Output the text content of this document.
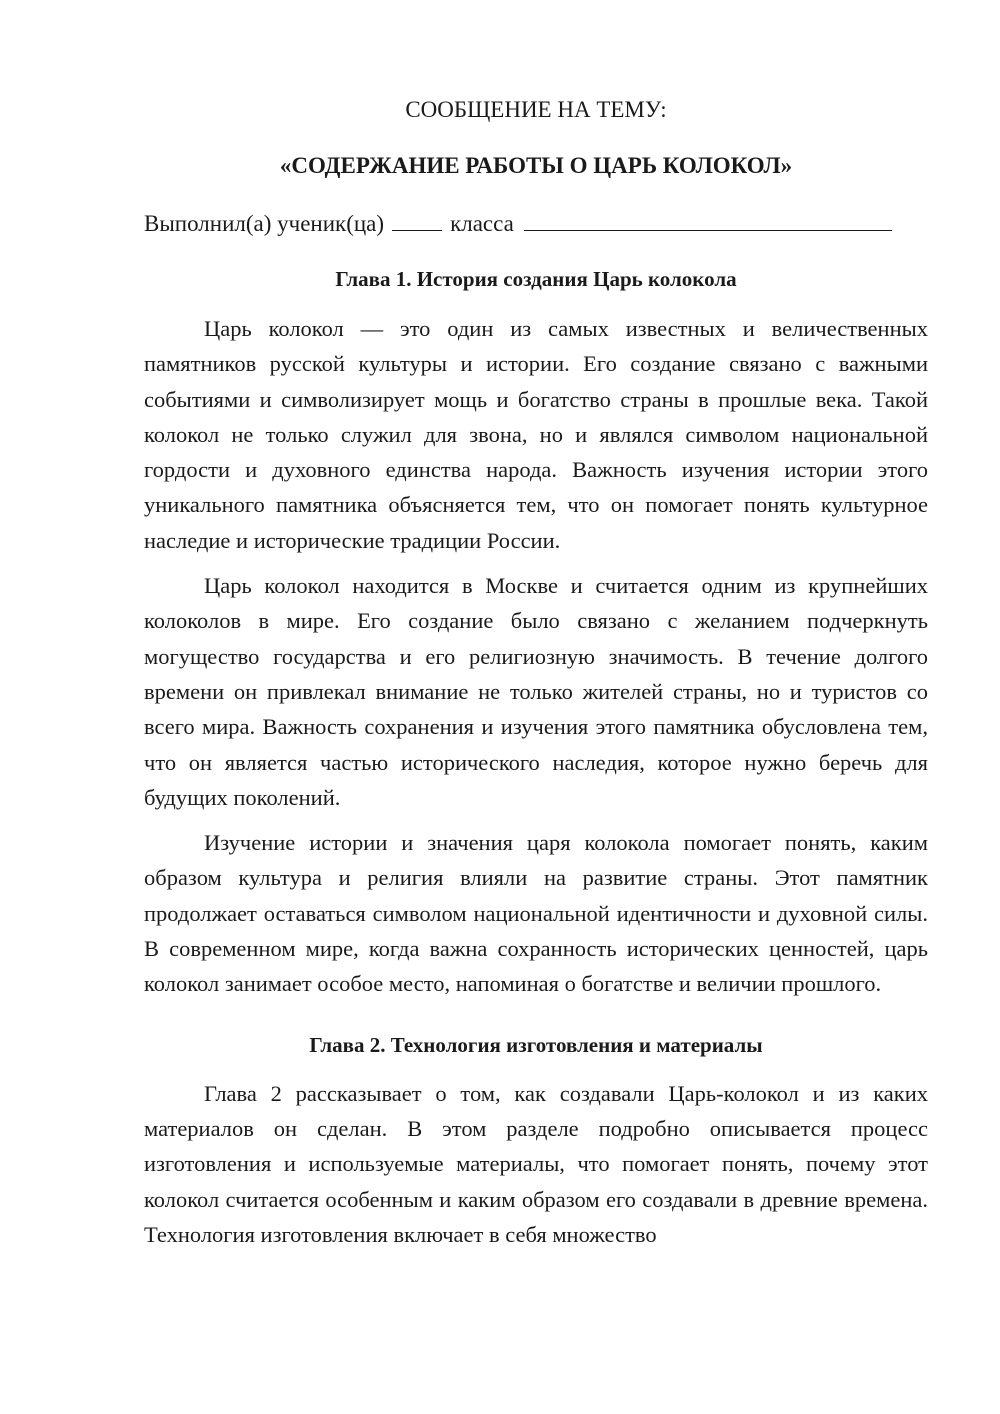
СООБЩЕНИЕ НА ТЕМУ:

«СОДЕРЖАНИЕ РАБОТЫ О ЦАРЬ КОЛОКОЛ»

Выполнил(а) ученик(ца)	класса

Глава 1. История создания Царь колокола

Царь колокол — это один из самых известных и величественных памятников русской культуры и истории. Его создание связано с важными событиями и символизирует мощь и богатство страны в прошлые века. Такой колокол не только служил для звона, но и являлся символом национальной гордости и духовного единства народа. Важность изучения истории этого уникального памятника объясняется тем, что он помогает понять культурное наследие и исторические традиции России.

Царь колокол находится в Москве и считается одним из крупнейших колоколов в мире. Его создание было связано с желанием подчеркнуть могущество государства и его религиозную значимость. В течение долгого времени он привлекал внимание не только жителей страны, но и туристов со всего мира. Важность сохранения и изучения этого памятника обусловлена тем, что он является частью исторического наследия, которое нужно беречь для будущих поколений.

Изучение истории и значения царя колокола помогает понять, каким образом культура и религия влияли на развитие страны. Этот памятник продолжает оставаться символом национальной идентичности и духовной силы. В современном мире, когда важна сохранность исторических ценностей, царь колокол занимает особое место, напоминая о богатстве и величии прошлого.

Глава 2. Технология изготовления и материалы

Глава 2 рассказывает о том, как создавали Царь-колокол и из каких материалов он сделан. В этом разделе подробно описывается процесс изготовления и используемые материалы, что помогает понять, почему этот колокол считается особенным и каким образом его создавали в древние времена. Технология изготовления включает в себя множество
